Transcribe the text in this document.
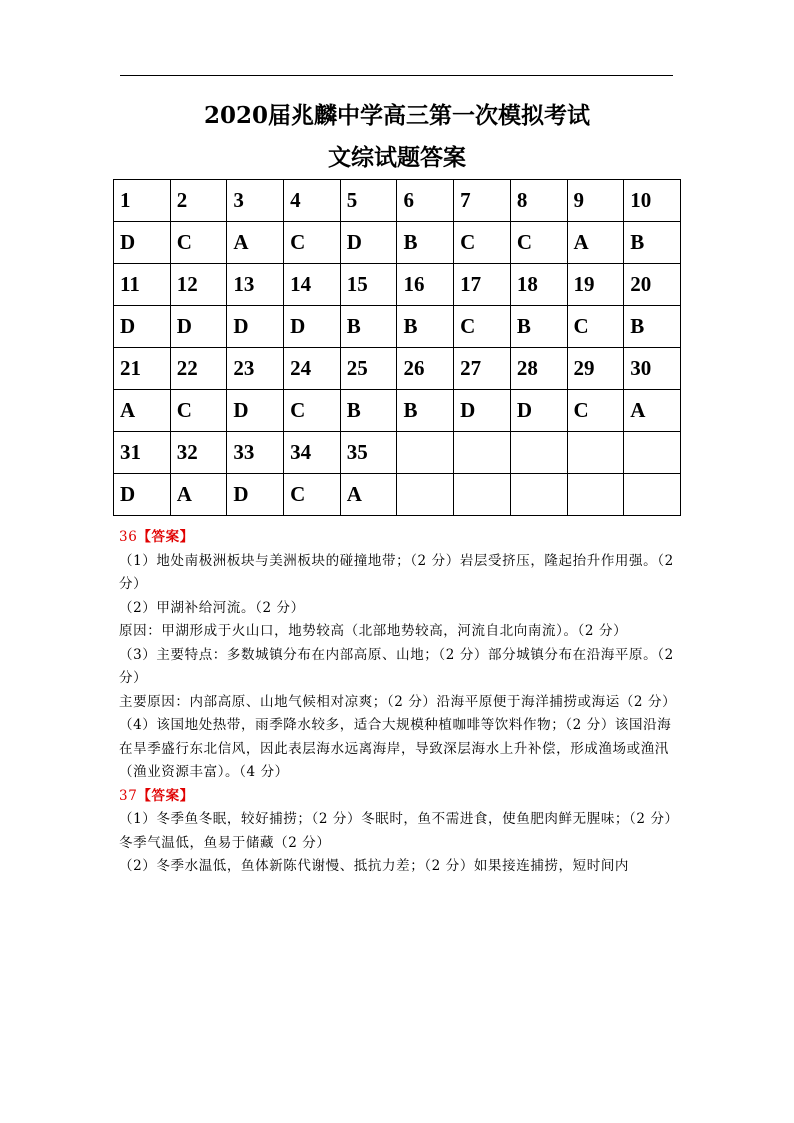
2020届兆麟中学高三第一次模拟考试
文综试题答案
1	2	3	4	5	6	7	8	9	10
D	C	A	C	D	B	C	C	A	B
11	12	13	14	15	16	17	18	19	20
D	D	D	D	B	B	C	B	C	B
21	22	23	24	25	26	27	28	29	30
A	C	D	C	B	B	D	D	C	A
31	32	33	34	35					
D	A	D	C	A					

36【答案】

（1）地处南极洲板块与美洲板块的碰撞地带；（2 分）岩层受挤压，隆起抬升作用强。（2 分）

（2）甲湖补给河流。（2 分）

原因：甲湖形成于火山口，地势较高（北部地势较高，河流自北向南流）。（2 分）

（3）主要特点：多数城镇分布在内部高原、山地；（2 分）部分城镇分布在沿海平原。（2 分）

主要原因：内部高原、山地气候相对凉爽；（2 分）沿海平原便于海洋捕捞或海运（2 分）

（4）该国地处热带，雨季降水较多，适合大规模种植咖啡等饮料作物；（2 分）该国沿海在旱季盛行东北信风，因此表层海水远离海岸，导致深层海水上升补偿，形成渔场或渔汛（渔业资源丰富）。（4 分）

37【答案】

（1）冬季鱼冬眠，较好捕捞；（2 分）冬眠时，鱼不需进食，使鱼肥肉鲜无腥味；（2 分）冬季气温低，鱼易于储藏（2 分）

（2）冬季水温低，鱼体新陈代谢慢、抵抗力差；（2 分）如果接连捕捞，短时间内
